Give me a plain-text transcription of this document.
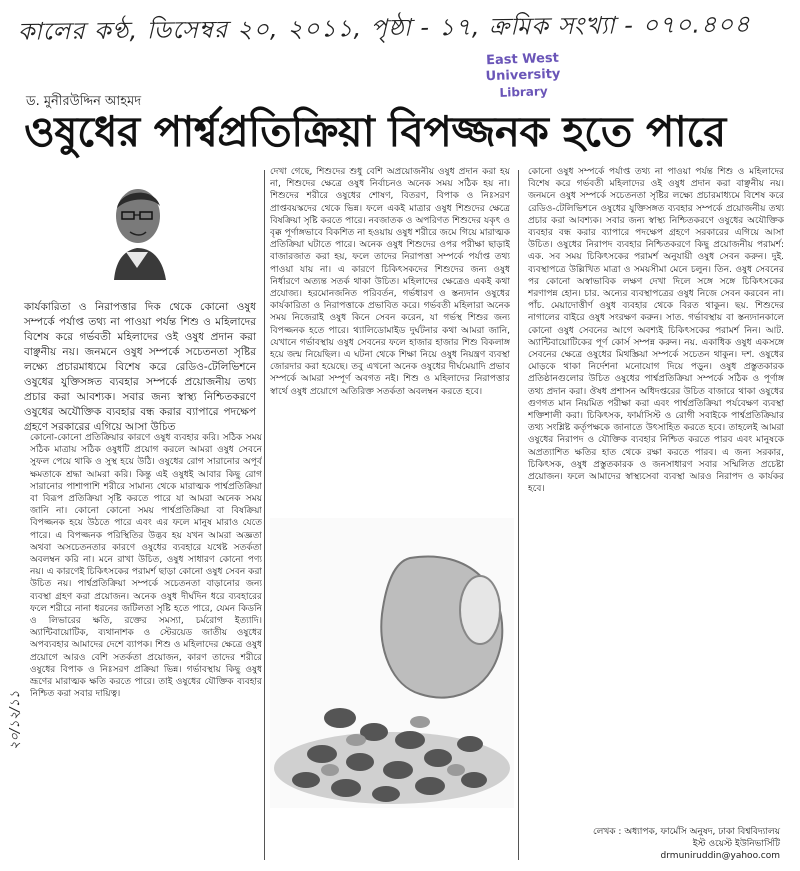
কালের কণ্ঠ, ডিসেম্বর ২০, ২০১১, পৃষ্ঠা - ১৭, ক্রমিক সংখ্যা - ০৭০.৪০৪
East West University
Library
ড. মুনীরউদ্দিন আহমদ
ওষুধের পার্শ্বপ্রতিক্রিয়া বিপজ্জনক হতে পারে
কার্যকারিতা ও নিরাপত্তার দিক থেকে কোনো ওষুধ সম্পর্কে পর্যাপ্ত তথ্য না পাওয়া পর্যন্ত শিশু ও মহিলাদের বিশেষ করে গর্ভবতী মহিলাদের ওই ওষুধ প্রদান করা বাঞ্ছনীয় নয়। জনমনে ওষুধ সম্পর্কে সচেতনতা সৃষ্টির লক্ষ্যে প্রচারমাধ্যমে বিশেষ করে রেডিও-টেলিভিশনে ওষুধের যুক্তিসঙ্গত ব্যবহার সম্পর্কে প্রয়োজনীয় তথ্য প্রচার করা আবশ্যক। সবার জন্য স্বাস্থ্য নিশ্চিতকরণে ওষুধের অযৌক্তিক ব্যবহার বন্ধ করার ব্যাপারে পদক্ষেপ গ্রহণে সরকারের এগিয়ে আসা উচিত
২০/১২/১১
কোনো-কোনো প্রতিক্রিয়ার কারণে ওষুধ ব্যবহার করি। সঠিক সময় সঠিক মাত্রায় সঠিক ওষুধটি প্রয়োগ করলে আমরা ওষুধ সেবনে সুফল পেয়ে থাকি ও সুস্থ হয়ে উঠি। ওষুধের রোগ সারানোর অপূর্ব ক্ষমতাকে শ্রদ্ধা আমরা করি। কিন্তু এই ওষুধই আবার কিছু রোগ সারানোর পাশাপাশি শরীরে সামান্য থেকে মারাত্মক পার্শ্বপ্রতিক্রিয়া বা বিরূপ প্রতিক্রিয়া সৃষ্টি করতে পারে যা আমরা অনেক সময় জানি না। কোনো কোনো সময় পার্শ্বপ্রতিক্রিয়া বা বিষক্রিয়া বিপজ্জনক হয়ে উঠতে পারে এবং এর ফলে মানুষ মারাও যেতে পারে। এ বিপজ্জনক পরিস্থিতির উদ্ভব হয় যখন আমরা অজ্ঞতা অথবা অসচেতনতার কারণে ওষুধের ব্যবহারে যথেষ্ট সতর্কতা অবলম্বন করি না। মনে রাখা উচিত, ওষুধ সাধারণ কোনো পণ্য নয়। এ কারণেই চিকিৎসকের পরামর্শ ছাড়া কোনো ওষুধ সেবন করা উচিত নয়। পার্শ্বপ্রতিক্রিয়া সম্পর্কে সচেতনতা বাড়ানোর জন্য ব্যবস্থা গ্রহণ করা প্রয়োজন। অনেক ওষুধ দীর্ঘদিন ধরে ব্যবহারের ফলে শরীরে নানা ধরনের জটিলতা সৃষ্টি হতে পারে, যেমন কিডনি ও লিভারের ক্ষতি, রক্তের সমস্যা, চর্মরোগ ইত্যাদি। অ্যান্টিবায়োটিক, ব্যথানাশক ও স্টেরয়েড জাতীয় ওষুধের অপব্যবহার আমাদের দেশে ব্যাপক। শিশু ও মহিলাদের ক্ষেত্রে ওষুধ প্রয়োগে আরও বেশি সতর্কতা প্রয়োজন, কারণ তাদের শরীরে ওষুধের বিপাক ও নিঃসরণ প্রক্রিয়া ভিন্ন। গর্ভাবস্থায় কিছু ওষুধ ভ্রূণের মারাত্মক ক্ষতি করতে পারে। তাই ওষুধের যৌক্তিক ব্যবহার নিশ্চিত করা সবার দায়িত্ব।
দেখা গেছে, শিশুদের শুধু বেশি অপ্রয়োজনীয় ওষুধ প্রদান করা হয় না, শিশুদের ক্ষেত্রে ওষুধ নির্বাচনও অনেক সময় সঠিক হয় না। শিশুদের শরীরে ওষুধের শোষণ, বিতরণ, বিপাক ও নিঃসরণ প্রাপ্তবয়স্কদের থেকে ভিন্ন। ফলে একই মাত্রার ওষুধ শিশুদের ক্ষেত্রে বিষক্রিয়া সৃষ্টি করতে পারে। নবজাতক ও অপরিণত শিশুদের যকৃৎ ও বৃক্ক পূর্ণাঙ্গভাবে বিকশিত না হওয়ায় ওষুধ শরীরে জমে গিয়ে মারাত্মক প্রতিক্রিয়া ঘটাতে পারে। অনেক ওষুধ শিশুদের ওপর পরীক্ষা ছাড়াই বাজারজাত করা হয়, ফলে তাদের নিরাপত্তা সম্পর্কে পর্যাপ্ত তথ্য পাওয়া যায় না। এ কারণে চিকিৎসকদের শিশুদের জন্য ওষুধ নির্ধারণে অত্যন্ত সতর্ক থাকা উচিত। মহিলাদের ক্ষেত্রেও একই কথা প্রযোজ্য। হরমোনজনিত পরিবর্তন, গর্ভধারণ ও স্তন্যদান ওষুধের কার্যকারিতা ও নিরাপত্তাকে প্রভাবিত করে। গর্ভবতী মহিলারা অনেক সময় নিজেরাই ওষুধ কিনে সেবন করেন, যা গর্ভস্থ শিশুর জন্য বিপজ্জনক হতে পারে। থ্যালিডোমাইড দুর্ঘটনার কথা আমরা জানি, যেখানে গর্ভাবস্থায় ওষুধ সেবনের ফলে হাজার হাজার শিশু বিকলাঙ্গ হয়ে জন্ম নিয়েছিল। এ ঘটনা থেকে শিক্ষা নিয়ে ওষুধ নিয়ন্ত্রণ ব্যবস্থা জোরদার করা হয়েছে। তবু এখনো অনেক ওষুধের দীর্ঘমেয়াদি প্রভাব সম্পর্কে আমরা সম্পূর্ণ অবগত নই। শিশু ও মহিলাদের নিরাপত্তার স্বার্থে ওষুধ প্রয়োগে অতিরিক্ত সতর্কতা অবলম্বন করতে হবে।
কোনো ওষুধ সম্পর্কে পর্যাপ্ত তথ্য না পাওয়া পর্যন্ত শিশু ও মহিলাদের বিশেষ করে গর্ভবতী মহিলাদের ওই ওষুধ প্রদান করা বাঞ্ছনীয় নয়। জনমনে ওষুধ সম্পর্কে সচেতনতা সৃষ্টির লক্ষ্যে প্রচারমাধ্যমে বিশেষ করে রেডিও-টেলিভিশনে ওষুধের যুক্তিসঙ্গত ব্যবহার সম্পর্কে প্রয়োজনীয় তথ্য প্রচার করা আবশ্যক। সবার জন্য স্বাস্থ্য নিশ্চিতকরণে ওষুধের অযৌক্তিক ব্যবহার বন্ধ করার ব্যাপারে পদক্ষেপ গ্রহণে সরকারের এগিয়ে আসা উচিত। ওষুধের নিরাপদ ব্যবহার নিশ্চিতকরণে কিছু প্রয়োজনীয় পরামর্শ: এক. সব সময় চিকিৎসকের পরামর্শ অনুযায়ী ওষুধ সেবন করুন। দুই. ব্যবস্থাপত্রে উল্লিখিত মাত্রা ও সময়সীমা মেনে চলুন। তিন. ওষুধ সেবনের পর কোনো অস্বাভাবিক লক্ষণ দেখা দিলে সঙ্গে সঙ্গে চিকিৎসকের শরণাপন্ন হোন। চার. অন্যের ব্যবস্থাপত্রের ওষুধ নিজে সেবন করবেন না। পাঁচ. মেয়াদোত্তীর্ণ ওষুধ ব্যবহার থেকে বিরত থাকুন। ছয়. শিশুদের নাগালের বাইরে ওষুধ সংরক্ষণ করুন। সাত. গর্ভাবস্থায় বা স্তন্যদানকালে কোনো ওষুধ সেবনের আগে অবশ্যই চিকিৎসকের পরামর্শ নিন। আট. অ্যান্টিবায়োটিকের পূর্ণ কোর্স সম্পন্ন করুন। নয়. একাধিক ওষুধ একসঙ্গে সেবনের ক্ষেত্রে ওষুধের মিথস্ক্রিয়া সম্পর্কে সচেতন থাকুন। দশ. ওষুধের মোড়কে থাকা নির্দেশনা মনোযোগ দিয়ে পড়ুন। ওষুধ প্রস্তুতকারক প্রতিষ্ঠানগুলোর উচিত ওষুধের পার্শ্বপ্রতিক্রিয়া সম্পর্কে সঠিক ও পূর্ণাঙ্গ তথ্য প্রদান করা। ঔষধ প্রশাসন অধিদপ্তরের উচিত বাজারে থাকা ওষুধের গুণগত মান নিয়মিত পরীক্ষা করা এবং পার্শ্বপ্রতিক্রিয়া পর্যবেক্ষণ ব্যবস্থা শক্তিশালী করা। চিকিৎসক, ফার্মাসিস্ট ও রোগী সবাইকে পার্শ্বপ্রতিক্রিয়ার তথ্য সংশ্লিষ্ট কর্তৃপক্ষকে জানাতে উৎসাহিত করতে হবে। তাহলেই আমরা ওষুধের নিরাপদ ও যৌক্তিক ব্যবহার নিশ্চিত করতে পারব এবং মানুষকে অপ্রত্যাশিত ক্ষতির হাত থেকে রক্ষা করতে পারব। এ জন্য সরকার, চিকিৎসক, ওষুধ প্রস্তুতকারক ও জনসাধারণ সবার সম্মিলিত প্রচেষ্টা প্রয়োজন। ফলে আমাদের স্বাস্থ্যসেবা ব্যবস্থা আরও নিরাপদ ও কার্যকর হবে।
লেখক : অধ্যাপক, ফার্মেসি অনুষদ, ঢাকা বিশ্ববিদ্যালয়
ইস্ট ওয়েস্ট ইউনিভার্সিটি
drmuniruddin@yahoo.com
